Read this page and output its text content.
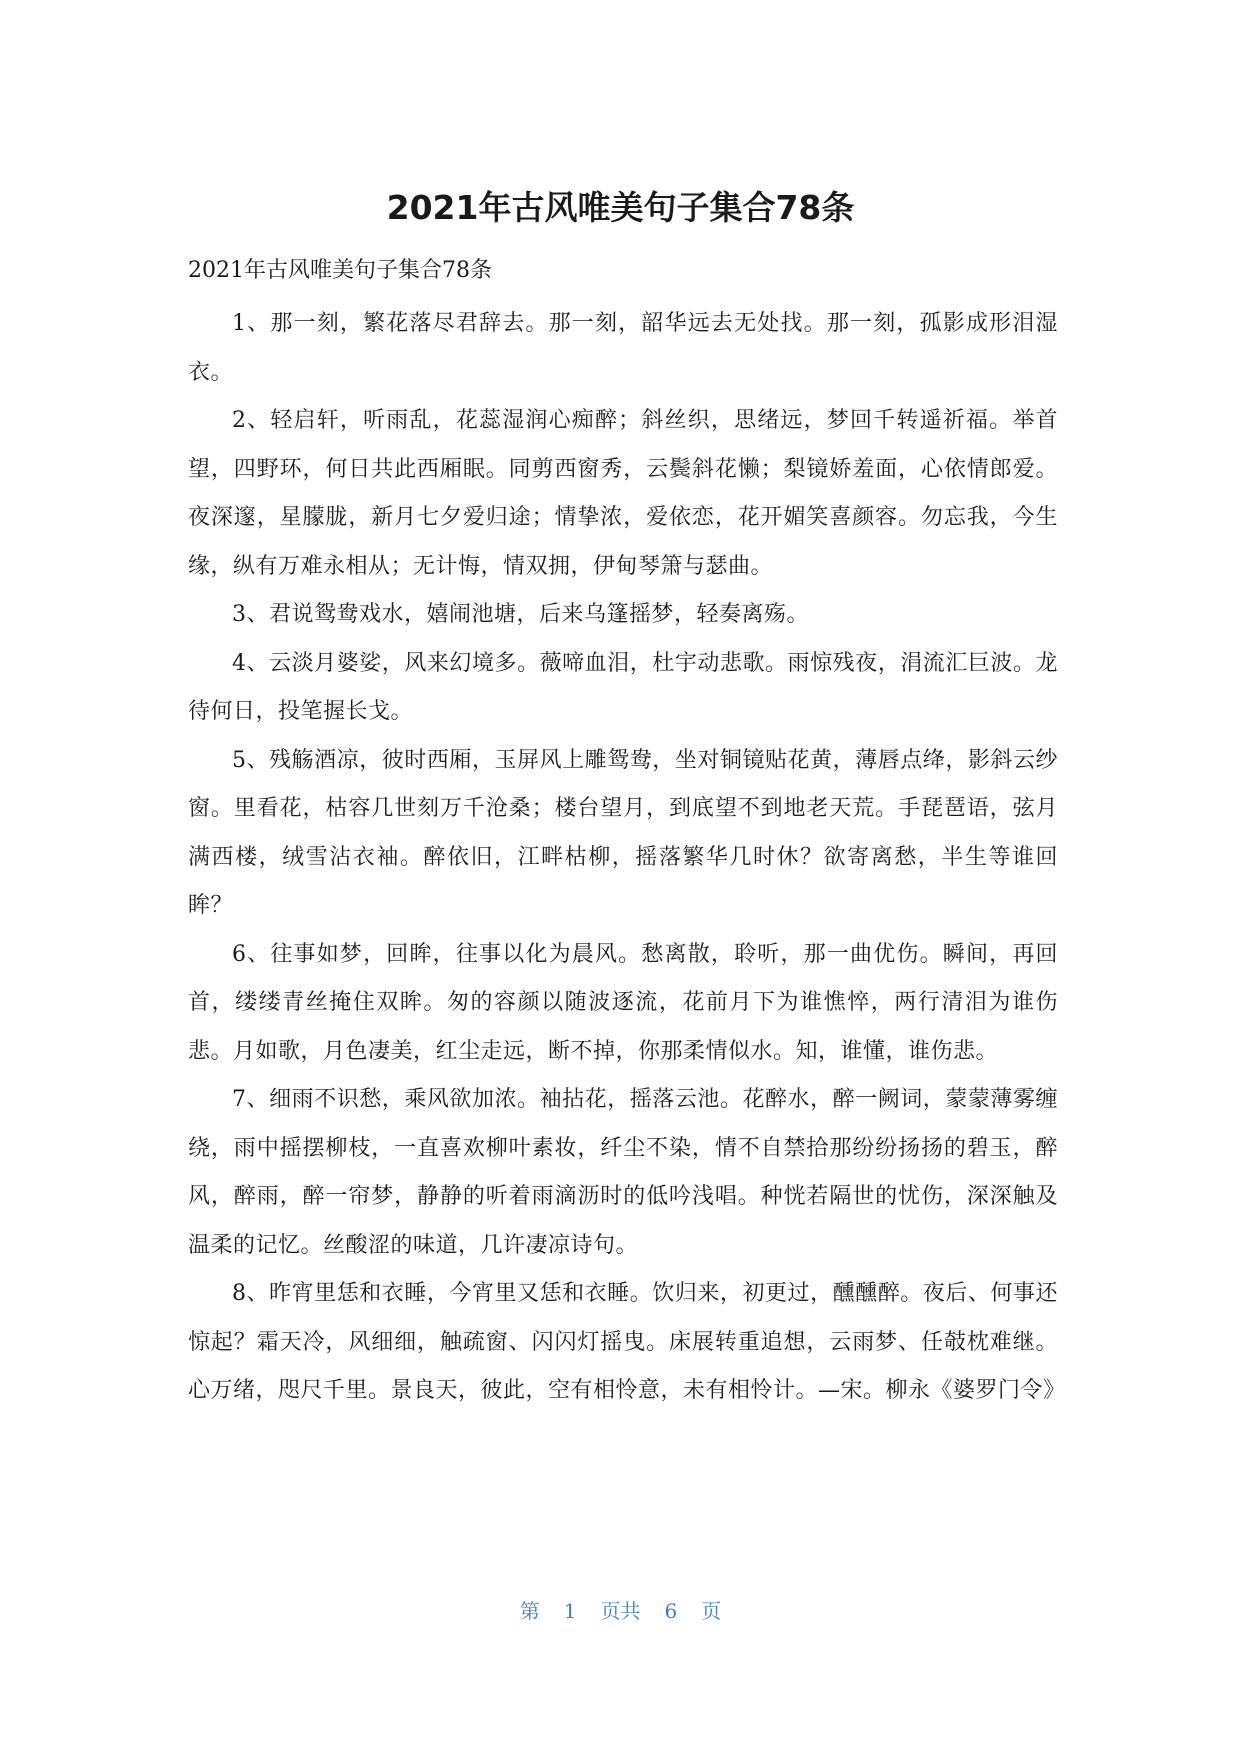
2021年古风唯美句子集合78条

2021年古风唯美句子集合78条

1、那一刻，繁花落尽君辞去。那一刻，韶华远去无处找。那一刻，孤影成形泪湿衣。

2、轻启轩，听雨乱，花蕊湿润心痴醉；斜丝织，思绪远，梦回千转遥祈福。举首望，四野环，何日共此西厢眠。同剪西窗秀，云鬓斜花懒；梨镜娇羞面，心依情郎爱。夜深邃，星朦胧，新月七夕爱归途；情挚浓，爱依恋，花开媚笑喜颜容。勿忘我，今生缘，纵有万难永相从；无计悔，情双拥，伊甸琴箫与瑟曲。

3、君说鸳鸯戏水，嬉闹池塘，后来乌篷摇梦，轻奏离殇。

4、云淡月婆娑，风来幻境多。薇啼血泪，杜宇动悲歌。雨惊残夜，涓流汇巨波。龙待何日，投笔握长戈。

5、残觞酒凉，彼时西厢，玉屏风上雕鸳鸯，坐对铜镜贴花黄，薄唇点绛，影斜云纱窗。里看花，枯容几世刻万千沧桑；楼台望月，到底望不到地老天荒。手琵琶语，弦月满西楼，绒雪沾衣袖。醉依旧，江畔枯柳，摇落繁华几时休？欲寄离愁，半生等谁回眸？

6、往事如梦，回眸，往事以化为晨风。愁离散，聆听，那一曲优伤。瞬间，再回首，缕缕青丝掩住双眸。匆的容颜以随波逐流，花前月下为谁憔悴，两行清泪为谁伤悲。月如歌，月色凄美，红尘走远，断不掉，你那柔情似水。知，谁懂，谁伤悲。

7、细雨不识愁，乘风欲加浓。袖拈花，摇落云池。花醉水，醉一阙词，蒙蒙薄雾缠绕，雨中摇摆柳枝，一直喜欢柳叶素妆，纤尘不染，情不自禁拾那纷纷扬扬的碧玉，醉风，醉雨，醉一帘梦，静静的听着雨滴沥时的低吟浅唱。种恍若隔世的忧伤，深深触及温柔的记忆。丝酸涩的味道，几许凄凉诗句。

8、昨宵里恁和衣睡，今宵里又恁和衣睡。饮归来，初更过，醺醺醉。夜后、何事还惊起？霜天冷，风细细，触疏窗、闪闪灯摇曳。床展转重追想，云雨梦、任攲枕难继。心万绪，咫尺千里。景良天，彼此，空有相怜意，未有相怜计。—宋。柳永《婆罗门令》

第 1 页共 6 页
